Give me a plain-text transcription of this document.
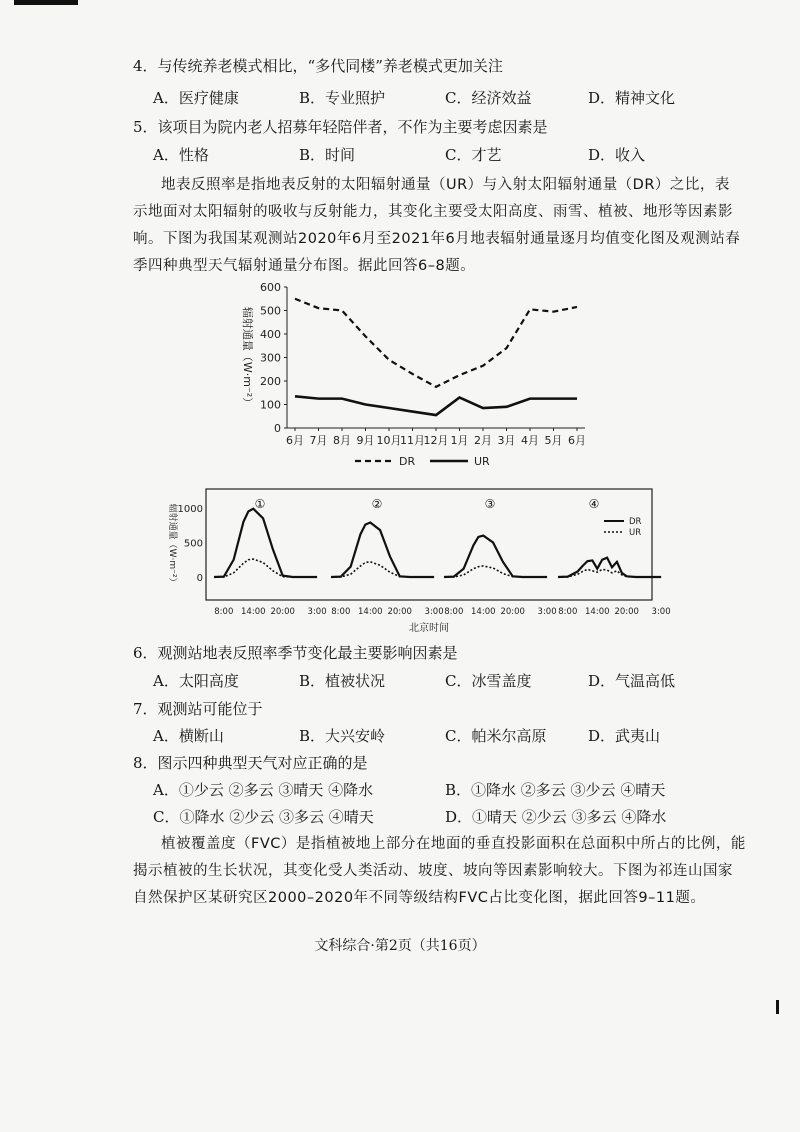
4．与传统养老模式相比，“多代同楼”养老模式更加关注
A．医疗健康	B．专业照护	C．经济效益	D．精神文化
5．该项目为院内老人招募年轻陪伴者，不作为主要考虑因素是
A．性格	B．时间	C．才艺	D．收入
地表反照率是指地表反射的太阳辐射通量（UR）与入射太阳辐射通量（DR）之比，表
示地面对太阳辐射的吸收与反射能力，其变化主要受太阳高度、雨雪、植被、地形等因素影
响。下图为我国某观测站2020年6月至2021年6月地表辐射通量逐月均值变化图及观测站春
季四种典型天气辐射通量分布图。据此回答6–8题。
0
100
200
300
400
500
600
6月 7月 8月 9月 10月
11月
12月 1月 2月 3月 4月 5月 6月
辐射通量（W·m⁻²）
DR	UR
0
500
1000
辐射通量（W·m⁻²）	①
8:00 14:00 20:00 3:00
②
8:00 14:00 20:00 3:00
③
8:00 14:00 20:00 3:00
④
8:00 14:00 20:00 3:00
DR
UR
北京时间
6．观测站地表反照率季节变化最主要影响因素是
A．太阳高度	B．植被状况	C．冰雪盖度	D．气温高低
7．观测站可能位于
A．横断山	B．大兴安岭	C．帕米尔高原	D．武夷山
8．图示四种典型天气对应正确的是
A．①少云 ②多云 ③晴天 ④降水	B．①降水 ②多云 ③少云 ④晴天
C．①降水 ②少云 ③多云 ④晴天	D．①晴天 ②少云 ③多云 ④降水
植被覆盖度（FVC）是指植被地上部分在地面的垂直投影面积在总面积中所占的比例，能
揭示植被的生长状况，其变化受人类活动、坡度、坡向等因素影响较大。下图为祁连山国家
自然保护区某研究区2000–2020年不同等级结构FVC占比变化图，据此回答9–11题。
文科综合·第2页（共16页）
